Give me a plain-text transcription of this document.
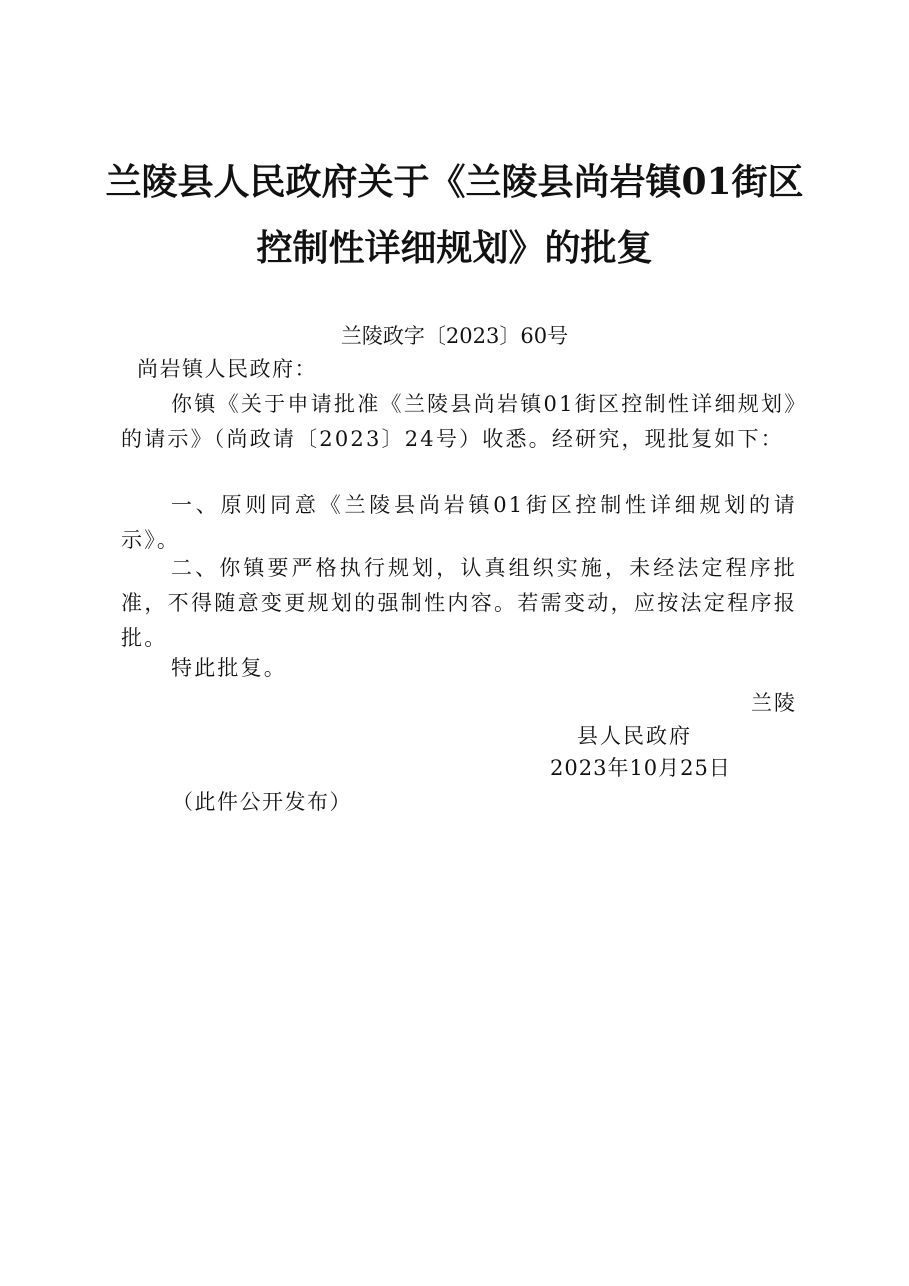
兰陵县人民政府关于《兰陵县尚岩镇01街区
控制性详细规划》的批复
兰陵政字〔2023〕60号
尚岩镇人民政府：
你镇《关于申请批准《兰陵县尚岩镇01街区控制性详细规划》的请示》（尚政请〔2023〕24号）收悉。经研究，现批复如下：
一、原则同意《兰陵县尚岩镇01街区控制性详细规划的请示》。
二、你镇要严格执行规划，认真组织实施，未经法定程序批准，不得随意变更规划的强制性内容。若需变动，应按法定程序报批。
特此批复。
兰陵
县人民政府
2023年10月25日
（此件公开发布）
